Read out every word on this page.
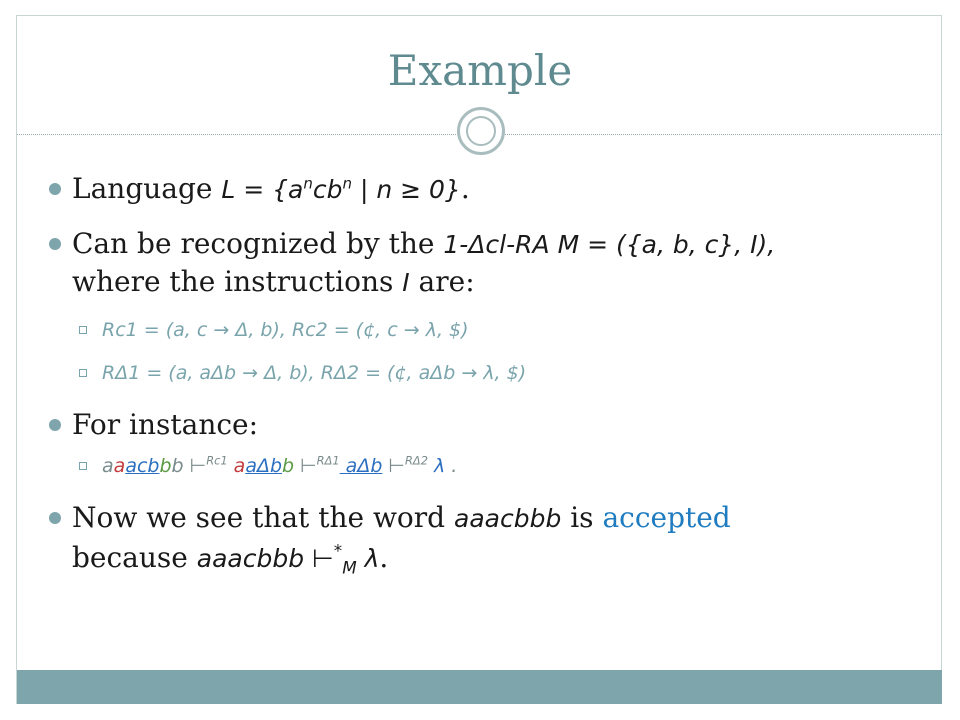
Example
Language $L = \{a^ncb^n$ | n ≥ 0}.
Can be recognized by the 1-Δcl-RA M = ({a, b, c}, I),
where the instructions I are:
Rc1 = (a, c → Δ, b), Rc2 = (¢, c → λ, $)
RΔ1 = (a, aΔb → Δ, b), RΔ2 = (¢, aΔb → λ, $)
For instance:
aaacbbb ⊢$^{Rc1}$ aaΔbb ⊢$^{R\Delta 1}$ aΔb ⊢$^{R\Delta 2}$ λ .
Now we see that the word aaacbbb is accepted
because aaacbbb $⊢^*_M$ λ.
